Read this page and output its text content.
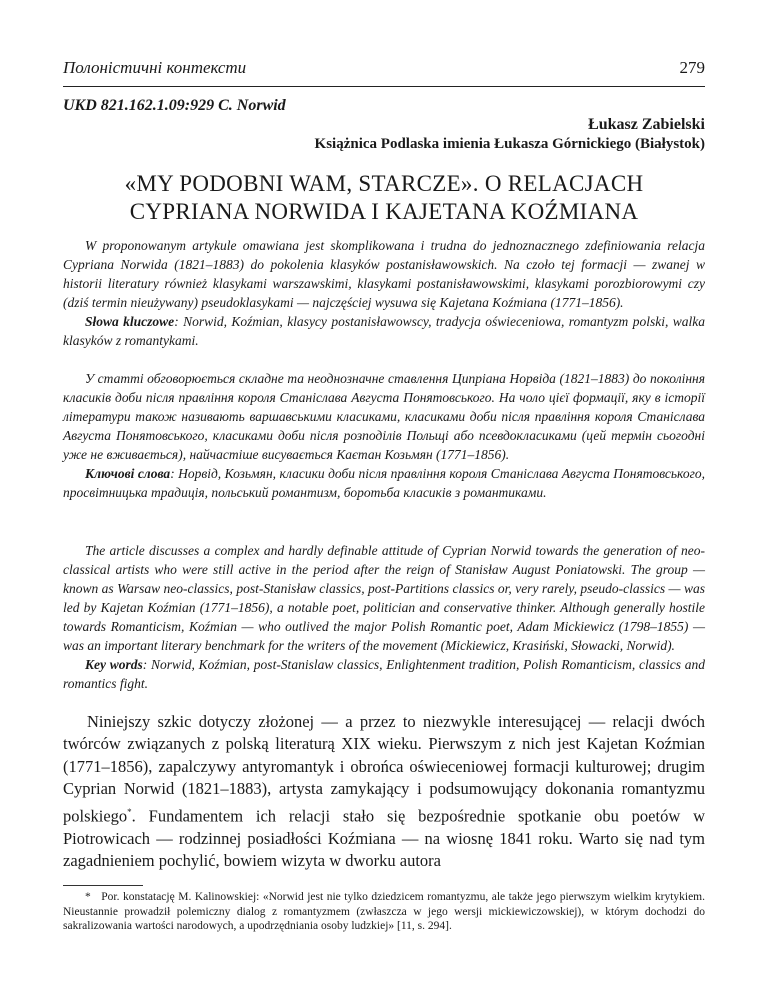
Полоністичні контексти	279
UKD 821.162.1.09:929 C. Norwid
Łukasz Zabielski
Książnica Podlaska imienia Łukasza Górnickiego (Białystok)
«MY PODOBNI WAM, STARCZE». O RELACJACH
CYPRIANA NORWIDA I KAJETANA KOŹMIANA

W proponowanym artykule omawiana jest skomplikowana i trudna do jednoznacznego zdefiniowania relacja Cypriana Norwida (1821–1883) do pokolenia klasyków postanisławowskich. Na czoło tej formacji — zwanej w historii literatury również klasykami warszawskimi, klasykami postanisławowskimi, klasykami porozbiorowymi czy (dziś termin nieużywany) pseudoklasykami — najczęściej wysuwa się Kajetana Koźmiana (1771–1856).

Słowa kluczowe: Norwid, Koźmian, klasycy postanisławowscy, tradycja oświeceniowa, romantyzm polski, walka klasyków z romantykami.

У статті обговорюється складне та неоднозначне ставлення Ципріана Норвіда (1821–1883) до покоління класиків доби після правління короля Станіслава Августа Понятовського. На чоло цієї формації, яку в історії літератури також називають варшавськими класиками, класиками доби після правління короля Станіслава Августа Понятовського, класиками доби після розподілів Польщі або псевдокласиками (цей термін сьогодні уже не вживається), найчастіше висувається Каєтан Козьмян (1771–1856).

Ключові слова: Норвід, Козьмян, класики доби після правління короля Станіслава Августа Понятовського, просвітницька традиція, польський романтизм, боротьба класиків з романтиками.

The article discusses a complex and hardly definable attitude of Cyprian Norwid towards the generation of neo-classical artists who were still active in the period after the reign of Stanisław August Poniatowski. The group — known as Warsaw neo-classics, post-Stanisław classics, post-Partitions classics or, very rarely, pseudo-classics — was led by Kajetan Koźmian (1771–1856), a notable poet, politician and conservative thinker. Although generally hostile towards Romanticism, Koźmian — who outlived the major Polish Romantic poet, Adam Mickiewicz (1798–1855) — was an important literary benchmark for the writers of the movement (Mickiewicz, Krasiński, Słowacki, Norwid).

Key words: Norwid, Koźmian, post-Stanislaw classics, Enlightenment tradition, Polish Romanticism, classics and romantics fight.

Niniejszy szkic dotyczy złożonej — a przez to niezwykle interesującej — relacji dwóch twórców związanych z polską literaturą XIX wieku. Pierwszym z nich jest Kajetan Koźmian (1771–1856), zapalczywy antyromantyk i obrońca oświeceniowej formacji kulturowej; drugim Cyprian Norwid (1821–1883), artysta zamykający i podsumowujący dokonania romantyzmu polskiego*. Fundamentem ich relacji stało się bezpośrednie spotkanie obu poetów w Piotrowicach — rodzinnej posiadłości Koźmiana — na wiosnę 1841 roku. Warto się nad tym zagadnieniem pochylić, bowiem wizyta w dworku autora

* Por. konstatację M. Kalinowskiej: «Norwid jest nie tylko dziedzicem romantyzmu, ale także jego pierwszym wielkim krytykiem. Nieustannie prowadził polemiczny dialog z romantyzmem (zwłaszcza w jego wersji mickiewiczowskiej), w którym dochodzi do sakralizowania wartości narodowych, a upodrzędniania osoby ludzkiej» [11, s. 294].
